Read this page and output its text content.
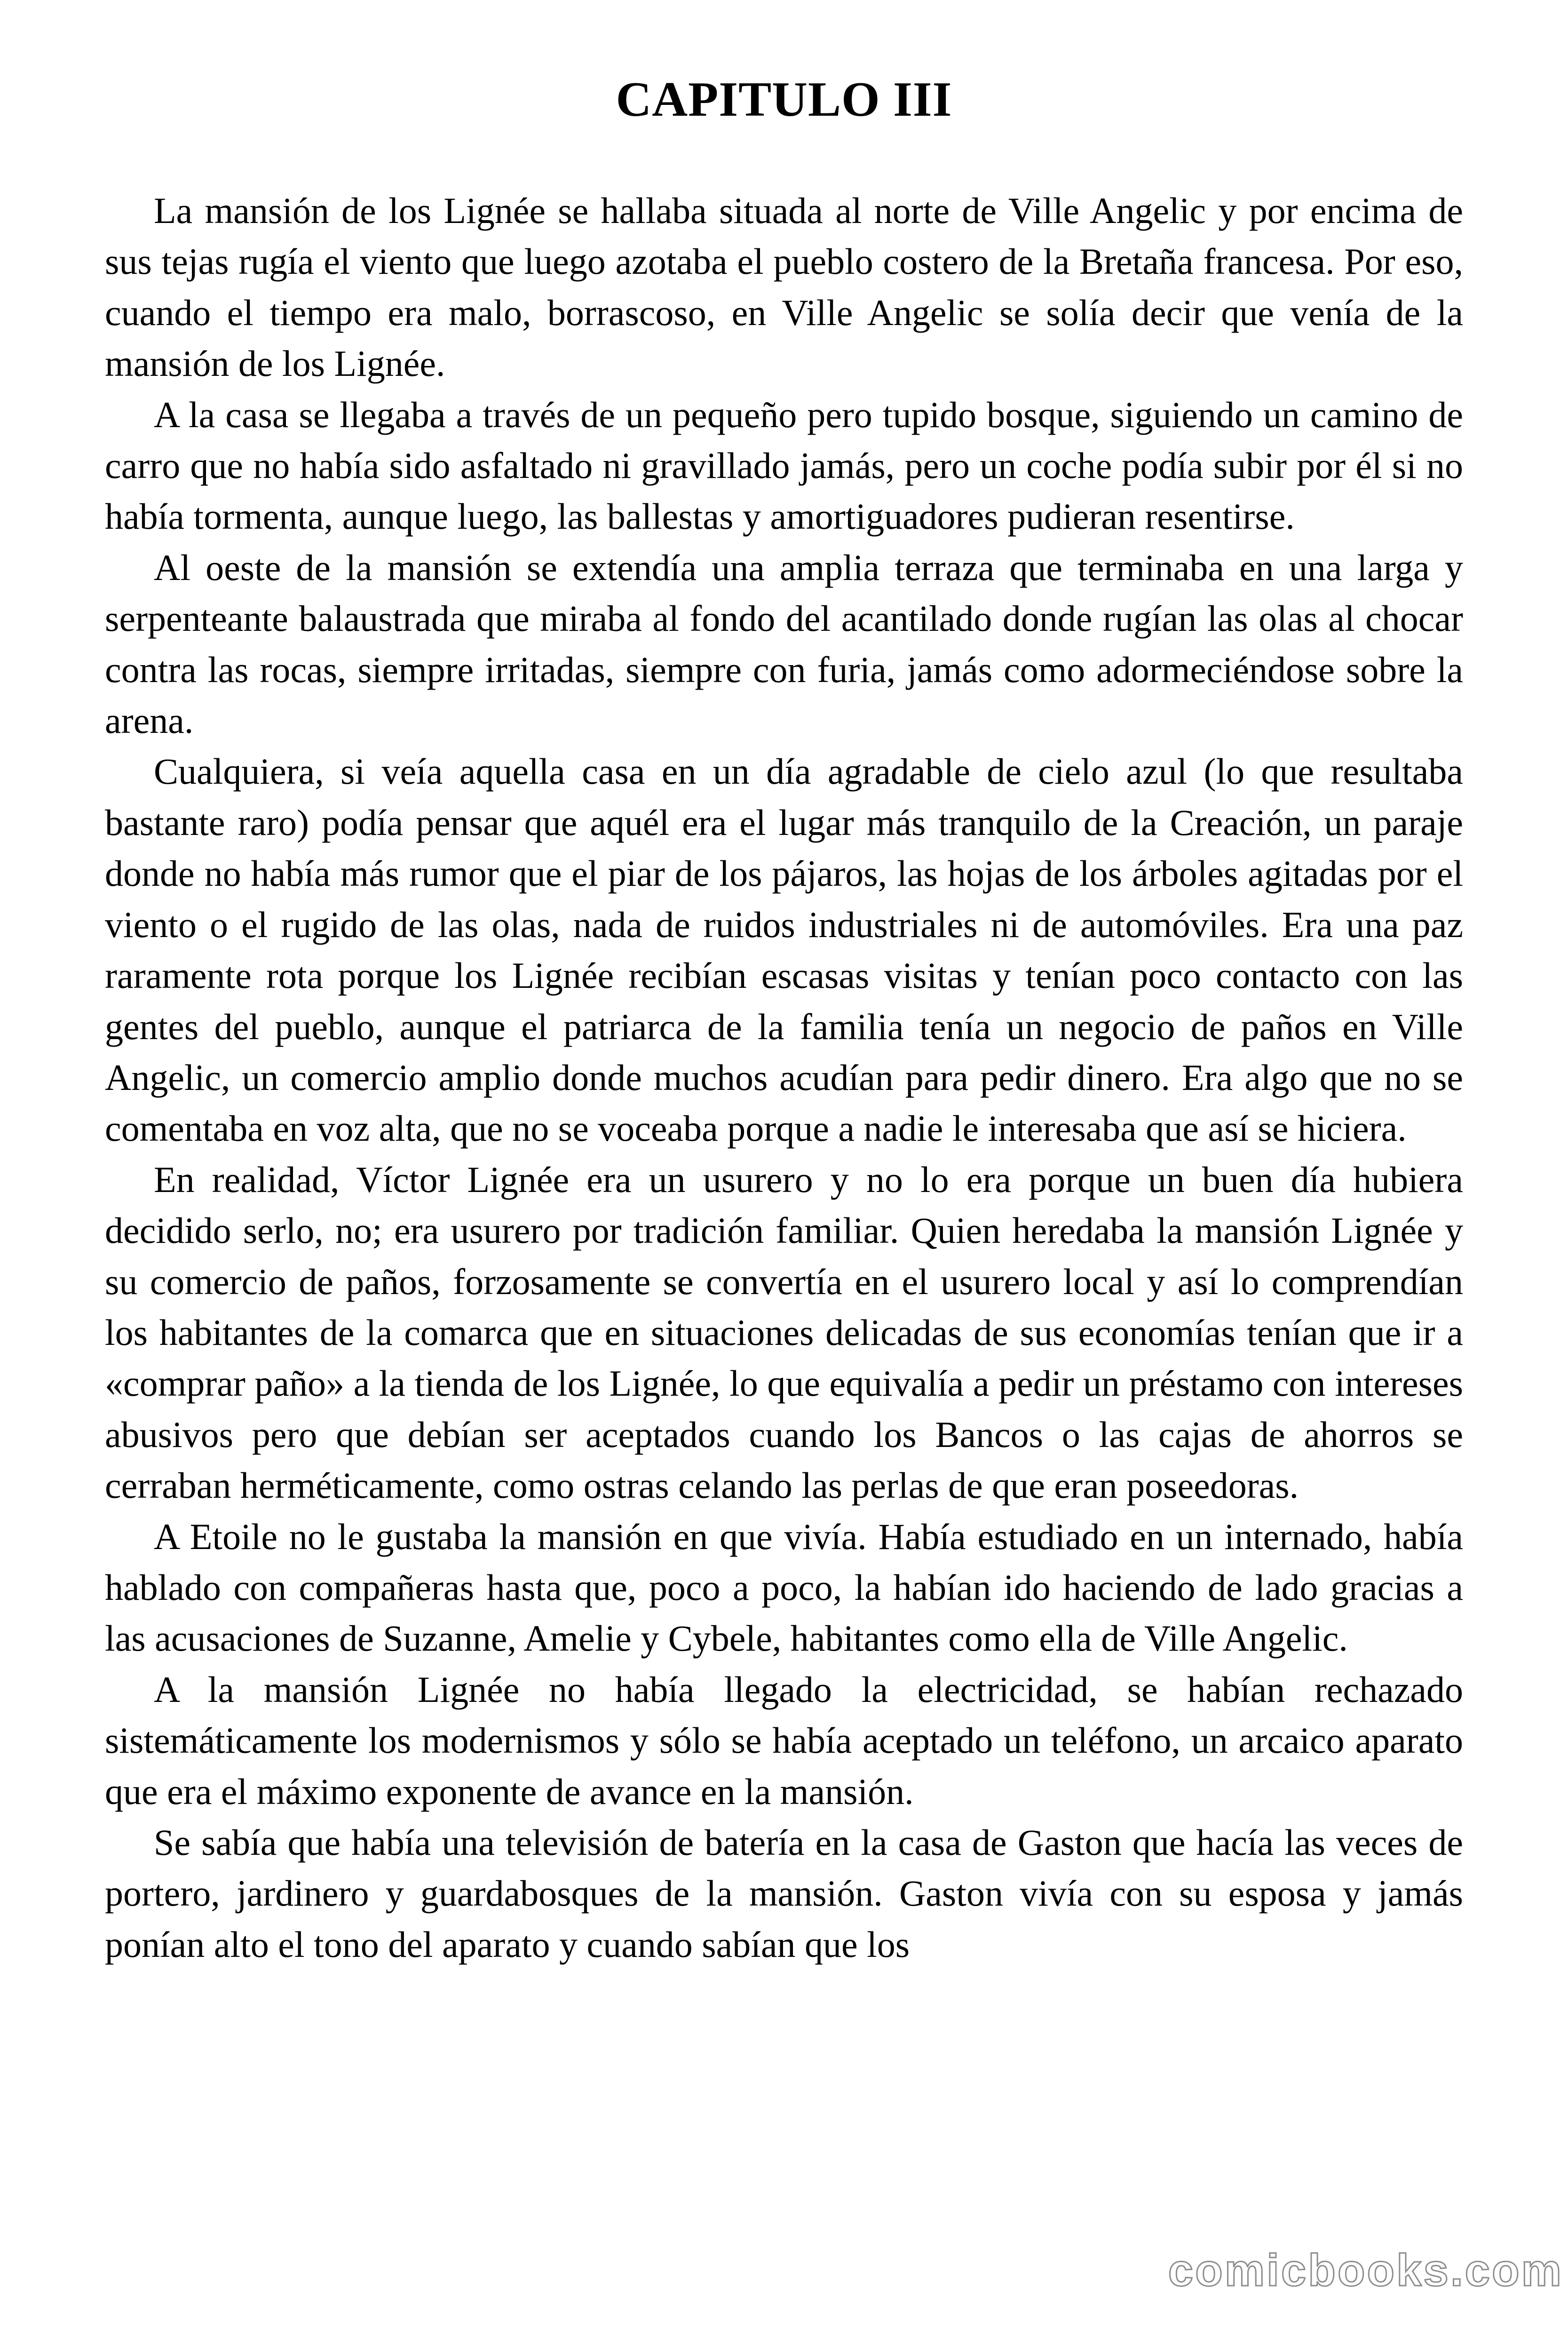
CAPITULO III

La mansión de los Lignée se hallaba situada al norte de Ville Angelic y por encima de sus tejas rugía el viento que luego azotaba el pueblo costero de la Bretaña francesa. Por eso, cuando el tiempo era malo, borrascoso, en Ville Angelic se solía decir que venía de la mansión de los Lignée.

A la casa se llegaba a través de un pequeño pero tupido bosque, siguiendo un camino de carro que no había sido asfaltado ni gravillado jamás, pero un coche podía subir por él si no había tormenta, aunque luego, las ballestas y amortiguadores pudieran resentirse.

Al oeste de la mansión se extendía una amplia terraza que terminaba en una larga y serpenteante balaustrada que miraba al fondo del acantilado donde rugían las olas al chocar contra las rocas, siempre irritadas, siempre con furia, jamás como adormeciéndose sobre la arena.

Cualquiera, si veía aquella casa en un día agradable de cielo azul (lo que resultaba bastante raro) podía pensar que aquél era el lugar más tranquilo de la Creación, un paraje donde no había más rumor que el piar de los pájaros, las hojas de los árboles agitadas por el viento o el rugido de las olas, nada de ruidos industriales ni de automóviles. Era una paz raramente rota porque los Lignée recibían escasas visitas y tenían poco contacto con las gentes del pueblo, aunque el patriarca de la familia tenía un negocio de paños en Ville Angelic, un comercio amplio donde muchos acudían para pedir dinero. Era algo que no se comentaba en voz alta, que no se voceaba porque a nadie le interesaba que así se hiciera.

En realidad, Víctor Lignée era un usurero y no lo era porque un buen día hubiera decidido serlo, no; era usurero por tradición familiar. Quien heredaba la mansión Lignée y su comercio de paños, forzosamente se convertía en el usurero local y así lo comprendían los habitantes de la comarca que en situaciones delicadas de sus economías tenían que ir a «comprar paño» a la tienda de los Lignée, lo que equivalía a pedir un préstamo con intereses abusivos pero que debían ser aceptados cuando los Bancos o las cajas de ahorros se cerraban herméticamente, como ostras celando las perlas de que eran poseedoras.

A Etoile no le gustaba la mansión en que vivía. Había estudiado en un internado, había hablado con compañeras hasta que, poco a poco, la habían ido haciendo de lado gracias a las acusaciones de Suzanne, Amelie y Cybele, habitantes como ella de Ville Angelic.

A la mansión Lignée no había llegado la electricidad, se habían rechazado sistemáticamente los modernismos y sólo se había aceptado un teléfono, un arcaico aparato que era el máximo exponente de avance en la mansión.

Se sabía que había una televisión de batería en la casa de Gaston que hacía las veces de portero, jardinero y guardabosques de la mansión. Gaston vivía con su esposa y jamás ponían alto el tono del aparato y cuando sabían que los

comicbooks.com
